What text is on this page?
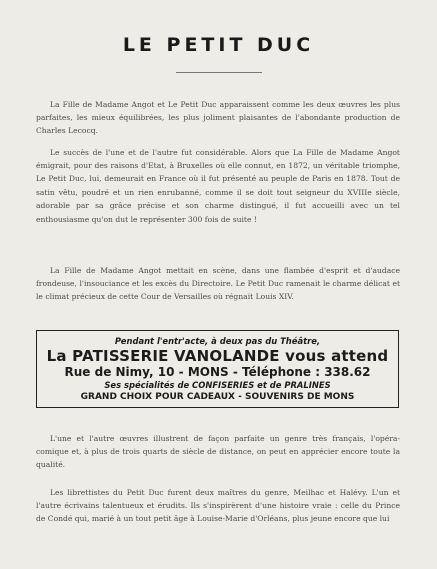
LE PETIT DUC

La Fille de Madame Angot et Le Petit Duc apparaissent comme les deux œuvres les plus parfaites, les mieux équilibrées, les plus joliment plaisantes de l'abondante production de Charles Lecocq.

Le succès de l'une et de l'autre fut considérable. Alors que La Fille de Madame Angot émigrait, pour des raisons d'Etat, à Bruxelles où elle connut, en 1872, un véritable triomphe, Le Petit Duc, lui, demeurait en France où il fut présenté au peuple de Paris en 1878. Tout de satin vêtu, poudré et un rien enrubanné, comme il se doit tout seigneur du XVIIIe siècle, adorable par sa grâce précise et son charme distingué, il fut accueilli avec un tel enthousiasme qu'on dut le représenter 300 fois de suite !

La Fille de Madame Angot mettait en scène, dans une flambée d'esprit et d'audace frondeuse, l'insouciance et les excès du Directoire. Le Petit Duc ramenait le charme délicat et le climat précieux de cette Cour de Versailles où régnait Louis XIV.

Pendant l'entr'acte, à deux pas du Théâtre,
La PATISSERIE VANOLANDE vous attend
Rue de Nimy, 10 - MONS - Téléphone : 338.62
Ses spécialités de CONFISERIES et de PRALINES
GRAND CHOIX POUR CADEAUX - SOUVENIRS DE MONS

L'une et l'autre œuvres illustrent de façon parfaite un genre très français, l'opéra-comique et, à plus de trois quarts de siècle de distance, on peut en apprécier encore toute la qualité.

Les librettistes du Petit Duc furent deux maîtres du genre, Meilhac et Halévy. L'un et l'autre écrivains talentueux et érudits. Ils s'inspirèrent d'une histoire vraie : celle du Prince de Condé qui, marié à un tout petit âge à Louise-Marie d'Orléans, plus jeune encore que lui
